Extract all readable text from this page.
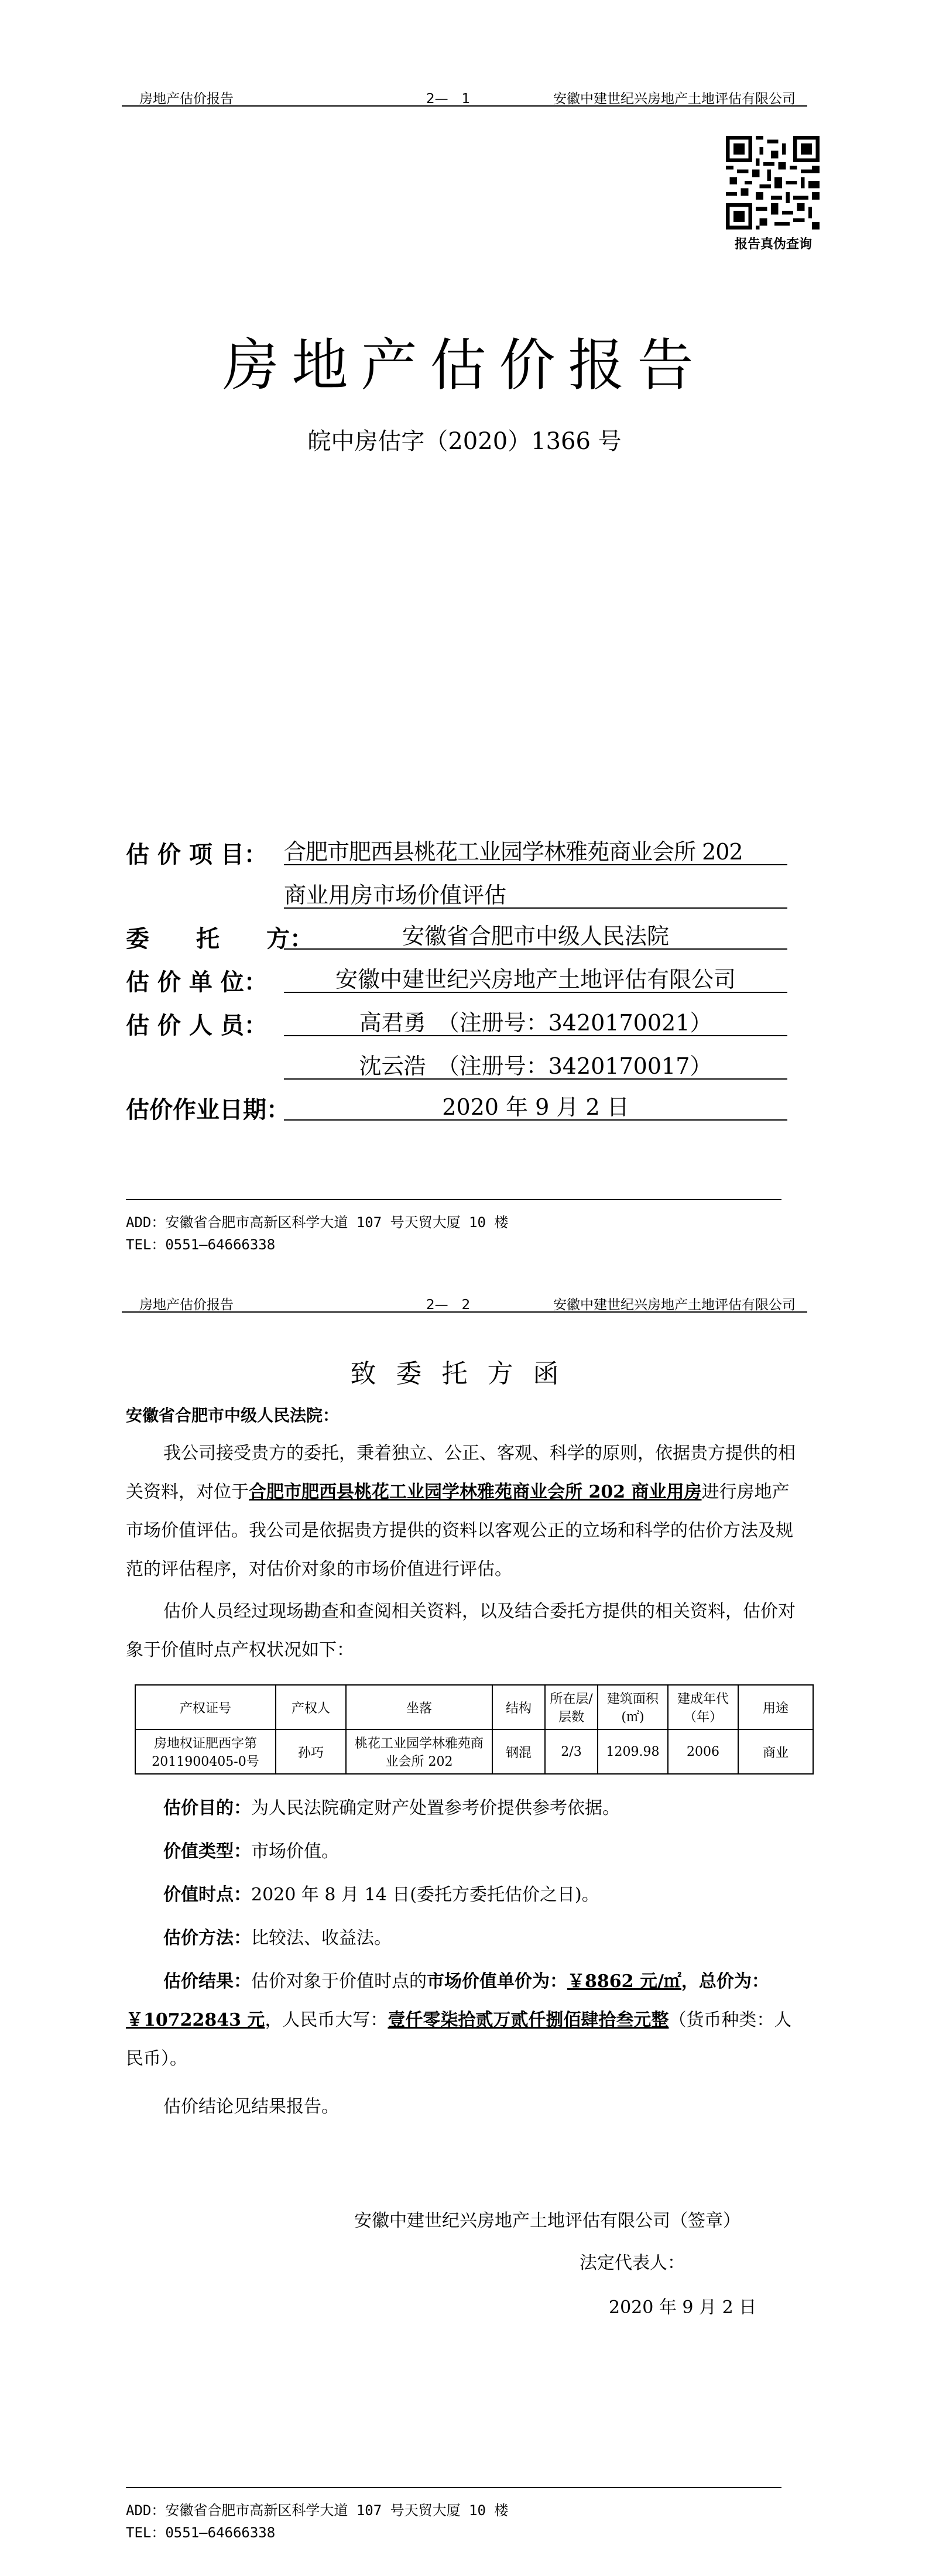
房地产估价报告	2—　1	安徽中建世纪兴房地产土地评估有限公司
报告真伪查询
房地产估价报告
皖中房估字（2020）1366 号
估 价 项 目： 合肥市肥西县桃花工业园学林雅苑商业会所 202
商业用房市场价值评估
委　　托　　方：	安徽省合肥市中级人民法院
估 价 单 位：	安徽中建世纪兴房地产土地评估有限公司
估 价 人 员：	高君勇　（注册号：3420170021）
沈云浩　（注册号：3420170017）
估价作业日期：	2020 年 9 月 2 日
ADD：安徽省合肥市高新区科学大道 107 号天贸大厦 10 楼
TEL：0551—64666338
房地产估价报告	2—　2	安徽中建世纪兴房地产土地评估有限公司
致委托方函
安徽省合肥市中级人民法院：
我公司接受贵方的委托，秉着独立、公正、客观、科学的原则，依据贵方提供的相关资料，对位于合肥市肥西县桃花工业园学林雅苑商业会所 202 商业用房进行房地产市场价值评估。我公司是依据贵方提供的资料以客观公正的立场和科学的估价方法及规范的评估程序，对估价对象的市场价值进行评估。
估价人员经过现场勘查和查阅相关资料，以及结合委托方提供的相关资料，估价对象于价值时点产权状况如下：
产权证号	产权人	坐落	结构	所在层/层数	建筑面积(㎡)	建成年代（年）	用途
房地权证肥西字第2011900405-0号	孙巧	桃花工业园学林雅苑商业会所 202	钢混	2/3	1209.98	2006	商业
估价目的：为人民法院确定财产处置参考价提供参考依据。
价值类型：市场价值。
价值时点：2020 年 8 月 14 日(委托方委托估价之日)。
估价方法：比较法、收益法。
估价结果：估价对象于价值时点的市场价值单价为：￥8862 元/㎡，总价为：￥10722843 元，人民币大写：壹仟零柒拾贰万贰仟捌佰肆拾叁元整（货币种类：人民币）。
估价结论见结果报告。
安徽中建世纪兴房地产土地评估有限公司（签章）
法定代表人：
2020 年 9 月 2 日
ADD：安徽省合肥市高新区科学大道 107 号天贸大厦 10 楼
TEL：0551—64666338
